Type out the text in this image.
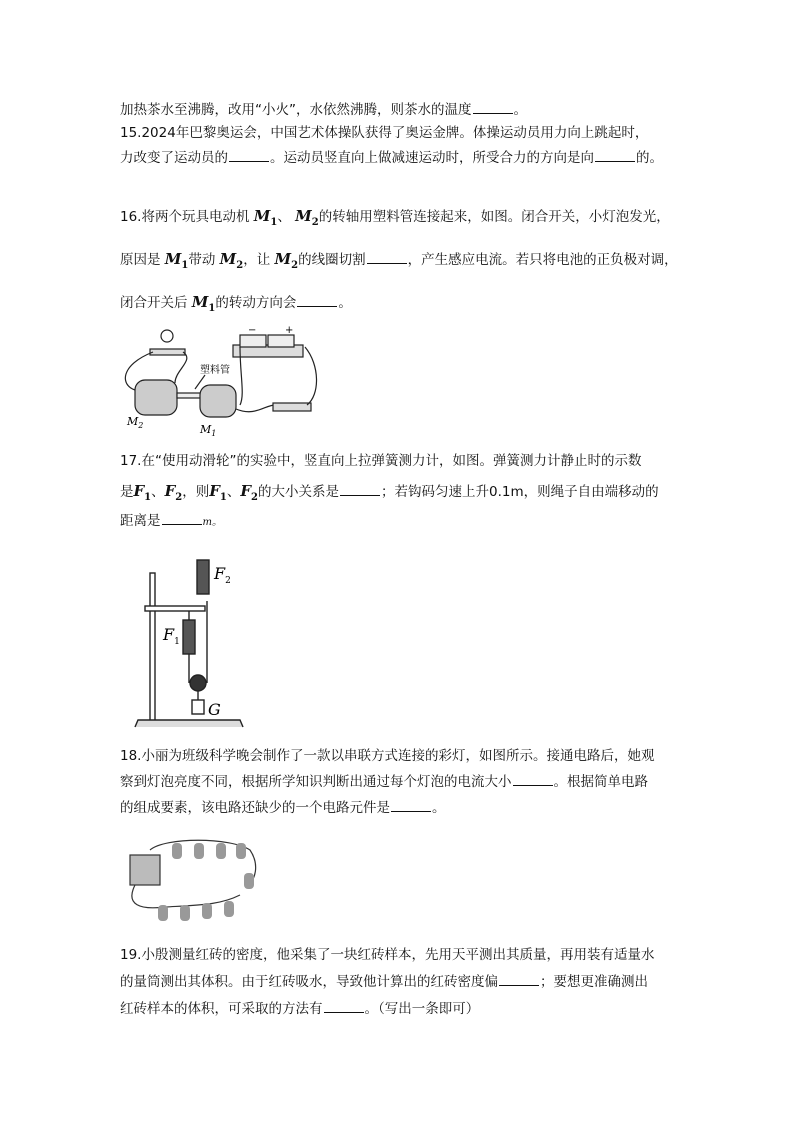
加热茶水至沸腾，改用“小火”，水依然沸腾，则茶水的温度	。
15.2024年巴黎奥运会，中国艺术体操队获得了奥运金牌。体操运动员用力向上跳起时，
力改变了运动员的	。运动员竖直向上做减速运动时，所受合力的方向是向	的。
16.将两个玩具电动机 $M_1$、 $M_2$的转轴用塑料管连接起来，如图。闭合开关，小灯泡发光，
原因是 $M_1$带动 $M_2$，让 $M_2$的线圈切割	，产生感应电流。若只将电池的正负极对调，
闭合开关后 $M_1$的转动方向会	。
塑料管
−	+
$M_2$	$M_1$
17.在“使用动滑轮”的实验中，竖直向上拉弹簧测力计，如图。弹簧测力计静止时的示数
是$F_1$、$F_2$，则$F_1$、$F_2$的大小关系是	；若钩码匀速上升0.1m，则绳子自由端移动的
距离是	m。
$F_2$
$F_1$
G
18.小丽为班级科学晚会制作了一款以串联方式连接的彩灯，如图所示。接通电路后，她观
察到灯泡亮度不同，根据所学知识判断出通过每个灯泡的电流大小	。根据简单电路
的组成要素，该电路还缺少的一个电路元件是	。
19.小殷测量红砖的密度，他采集了一块红砖样本，先用天平测出其质量，再用装有适量水
的量筒测出其体积。由于红砖吸水，导致他计算出的红砖密度偏	；要想更准确测出
红砖样本的体积，可采取的方法有	。（写出一条即可）
